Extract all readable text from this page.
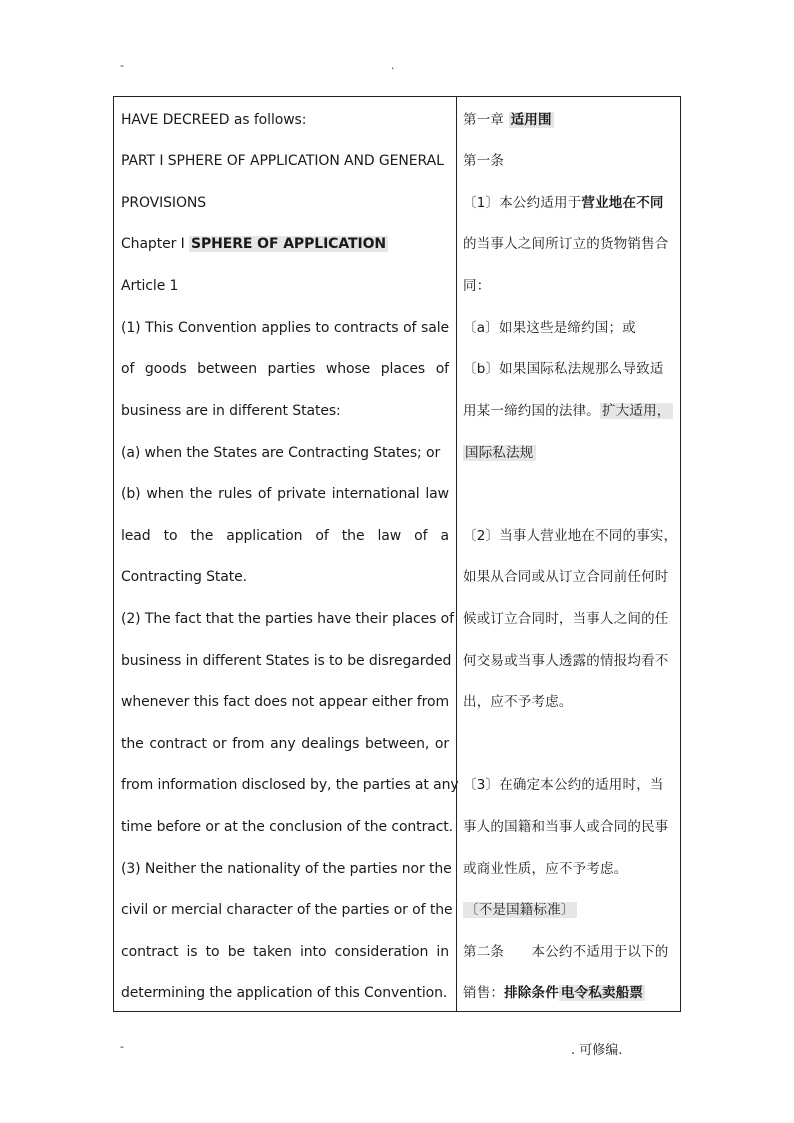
-	.
HAVE DECREED as follows:
PART I SPHERE OF APPLICATION AND GENERAL
PROVISIONS
Chapter I SPHERE OF APPLICATION
Article 1
(1) This Convention applies to contracts of sale
of goods between parties whose places of
business are in different States:
(a) when the States are Contracting States; or
(b) when the rules of private international law
lead to the application of the law of a
Contracting State.
(2) The fact that the parties have their places of
business in different States is to be disregarded
whenever this fact does not appear either from
the contract or from any dealings between, or
from information disclosed by, the parties at any
time before or at the conclusion of the contract.
(3) Neither the nationality of the parties nor the
civil or mercial character of the parties or of the
contract is to be taken into consideration in
determining the application of this Convention.
第一章 适用围
第一条
〔1〕本公约适用于营业地在不同
的当事人之间所订立的货物销售合
同：
〔a〕如果这些是缔约国；或
〔b〕如果国际私法规那么导致适
用某一缔约国的法律。 扩大适用，
国际私法规
〔2〕当事人营业地在不同的事实，
如果从合同或从订立合同前任何时
候或订立合同时，当事人之间的任
何交易或当事人透露的情报均看不
出，应不予考虑。
〔3〕在确定本公约的适用时，当
事人的国籍和当事人或合同的民事
或商业性质，应不予考虑。
〔不是国籍标准〕
第二条　　本公约不适用于以下的
销售：排除条件 电令私卖船票
-	. 可修编.
